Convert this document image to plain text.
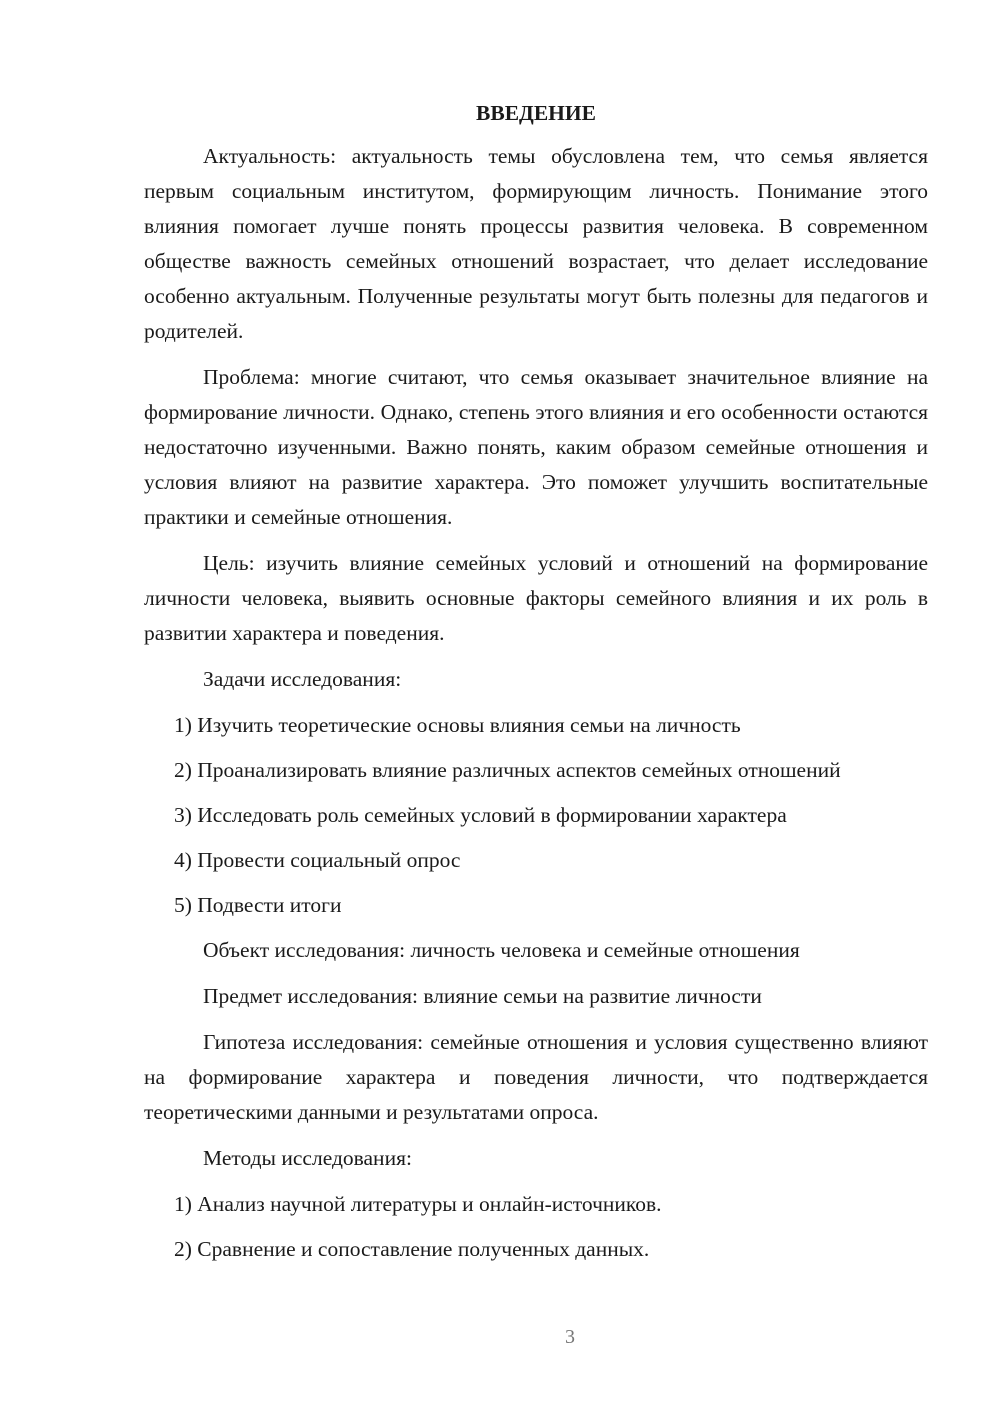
ВВЕДЕНИЕ

Актуальность: актуальность темы обусловлена тем, что семья является первым социальным институтом, формирующим личность. Понимание этого влияния помогает лучше понять процессы развития человека. В современном обществе важность семейных отношений возрастает, что делает исследование особенно актуальным. Полученные результаты могут быть полезны для педагогов и родителей.

Проблема: многие считают, что семья оказывает значительное влияние на формирование личности. Однако, степень этого влияния и его особенности остаются недостаточно изученными. Важно понять, каким образом семейные отношения и условия влияют на развитие характера. Это поможет улучшить воспитательные практики и семейные отношения.

Цель: изучить влияние семейных условий и отношений на формирование личности человека, выявить основные факторы семейного влияния и их роль в развитии характера и поведения.

Задачи исследования:

1) Изучить теоретические основы влияния семьи на личность

2) Проанализировать влияние различных аспектов семейных отношений

3) Исследовать роль семейных условий в формировании характера

4) Провести социальный опрос

5) Подвести итоги

Объект исследования: личность человека и семейные отношения

Предмет исследования: влияние семьи на развитие личности

Гипотеза исследования: семейные отношения и условия существенно влияют на формирование характера и поведения личности, что подтверждается теоретическими данными и результатами опроса.

Методы исследования:

1) Анализ научной литературы и онлайн-источников.

2) Сравнение и сопоставление полученных данных.

3
